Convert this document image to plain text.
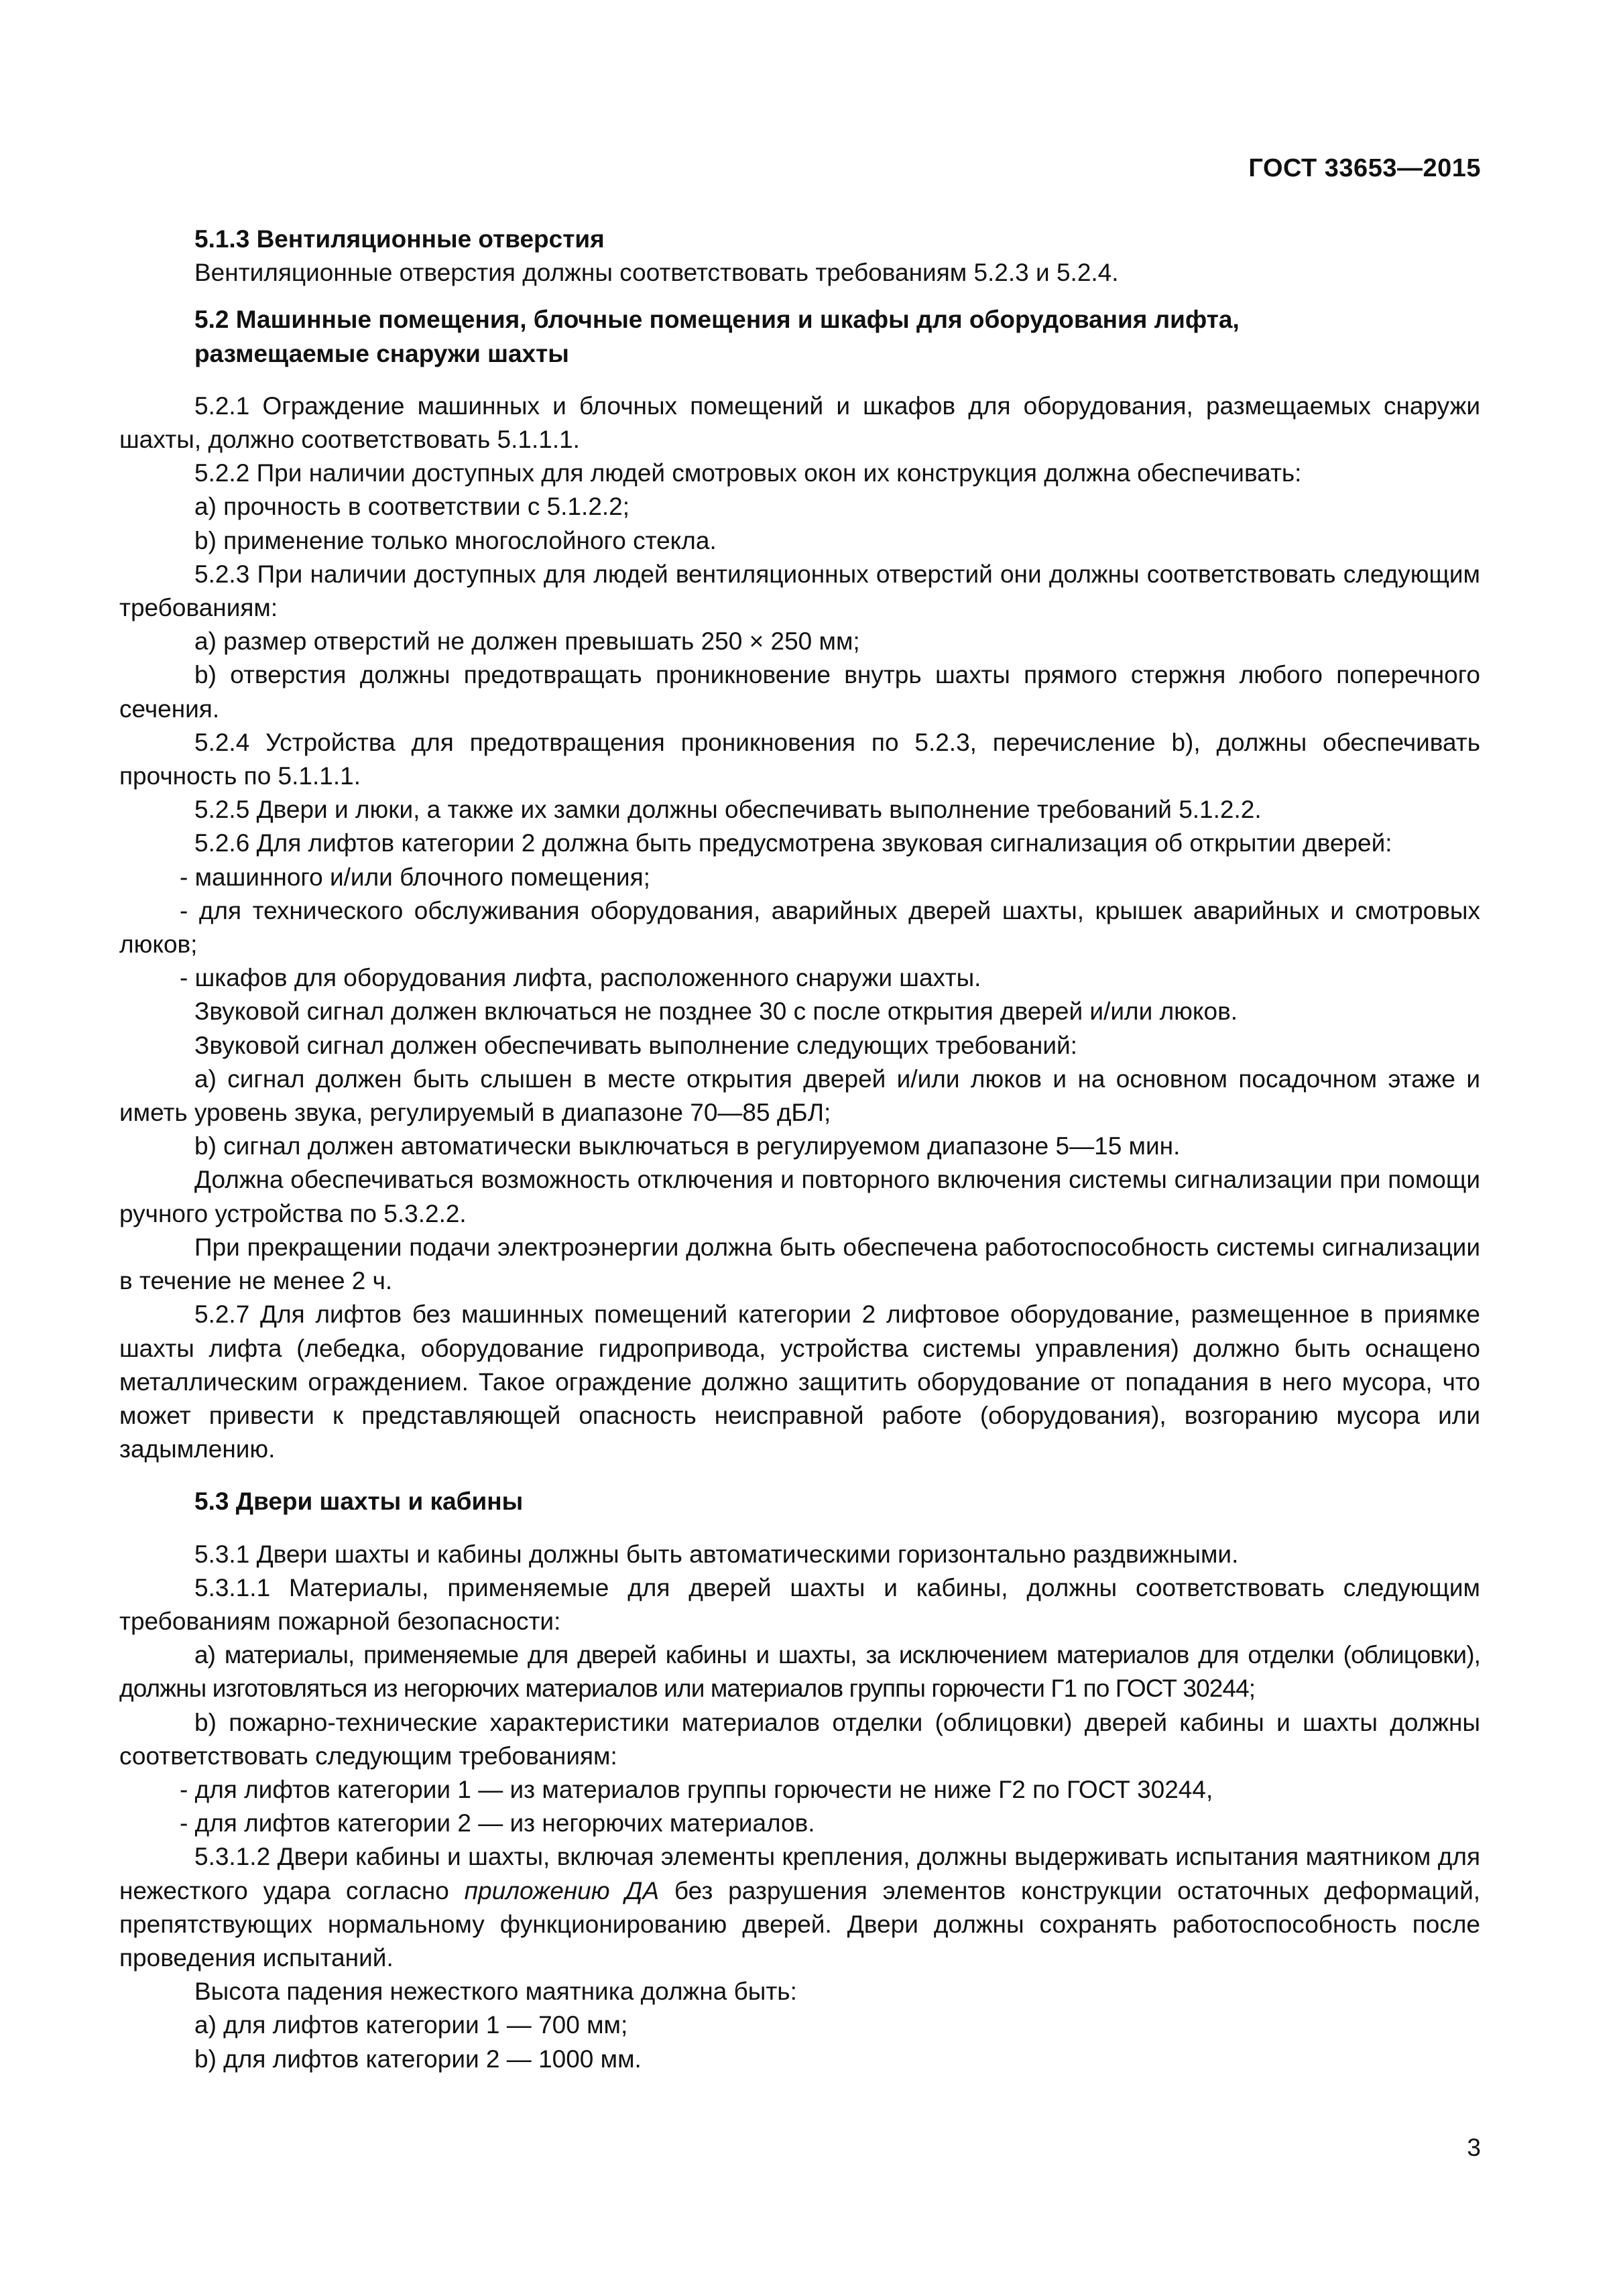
ГОСТ 33653—2015

5.1.3 Вентиляционные отверстия

Вентиляционные отверстия должны соответствовать требованиям 5.2.3 и 5.2.4.

5.2 Машинные помещения, блочные помещения и шкафы для оборудования лифта,

размещаемые снаружи шахты

5.2.1 Ограждение машинных и блочных помещений и шкафов для оборудования, размещаемых снаружи шахты, должно соответствовать 5.1.1.1.

5.2.2 При наличии доступных для людей смотровых окон их конструкция должна обеспечивать:

а) прочность в соответствии с 5.1.2.2;

b) применение только многослойного стекла.

5.2.3 При наличии доступных для людей вентиляционных отверстий они должны соответствовать следующим требованиям:

а) размер отверстий не должен превышать 250 × 250 мм;

b) отверстия должны предотвращать проникновение внутрь шахты прямого стержня любого поперечного сечения.

5.2.4 Устройства для предотвращения проникновения по 5.2.3, перечисление b), должны обеспечивать прочность по 5.1.1.1.

5.2.5 Двери и люки, а также их замки должны обеспечивать выполнение требований 5.1.2.2.

5.2.6 Для лифтов категории 2 должна быть предусмотрена звуковая сигнализация об открытии дверей:

- машинного и/или блочного помещения;

- для технического обслуживания оборудования, аварийных дверей шахты, крышек аварийных и смотровых люков;

- шкафов для оборудования лифта, расположенного снаружи шахты.

Звуковой сигнал должен включаться не позднее 30 с после открытия дверей и/или люков.

Звуковой сигнал должен обеспечивать выполнение следующих требований:

а) сигнал должен быть слышен в месте открытия дверей и/или люков и на основном посадочном этаже и иметь уровень звука, регулируемый в диапазоне 70—85 дБЛ;

b) сигнал должен автоматически выключаться в регулируемом диапазоне 5—15 мин.

Должна обеспечиваться возможность отключения и повторного включения системы сигнализации при помощи ручного устройства по 5.3.2.2.

При прекращении подачи электроэнергии должна быть обеспечена работоспособность системы сигнализации в течение не менее 2 ч.

5.2.7 Для лифтов без машинных помещений категории 2 лифтовое оборудование, размещенное в приямке шахты лифта (лебедка, оборудование гидропривода, устройства системы управления) должно быть оснащено металлическим ограждением. Такое ограждение должно защитить оборудование от попадания в него мусора, что может привести к представляющей опасность неисправной работе (оборудования), возгоранию мусора или задымлению.

5.3 Двери шахты и кабины

5.3.1 Двери шахты и кабины должны быть автоматическими горизонтально раздвижными.

5.3.1.1 Материалы, применяемые для дверей шахты и кабины, должны соответствовать следующим требованиям пожарной безопасности:

а) материалы, применяемые для дверей кабины и шахты, за исключением материалов для отделки (облицовки), должны изготовляться из негорючих материалов или материалов группы горючести Г1 по ГОСТ 30244;

b) пожарно-технические характеристики материалов отделки (облицовки) дверей кабины и шахты должны соответствовать следующим требованиям:

- для лифтов категории 1 — из материалов группы горючести не ниже Г2 по ГОСТ 30244,

- для лифтов категории 2 — из негорючих материалов.

5.3.1.2 Двери кабины и шахты, включая элементы крепления, должны выдерживать испытания маятником для нежесткого удара согласно приложению ДА без разрушения элементов конструкции остаточных деформаций, препятствующих нормальному функционированию дверей. Двери должны сохранять работоспособность после проведения испытаний.

Высота падения нежесткого маятника должна быть:

а) для лифтов категории 1 — 700 мм;

b) для лифтов категории 2 — 1000 мм.

3
